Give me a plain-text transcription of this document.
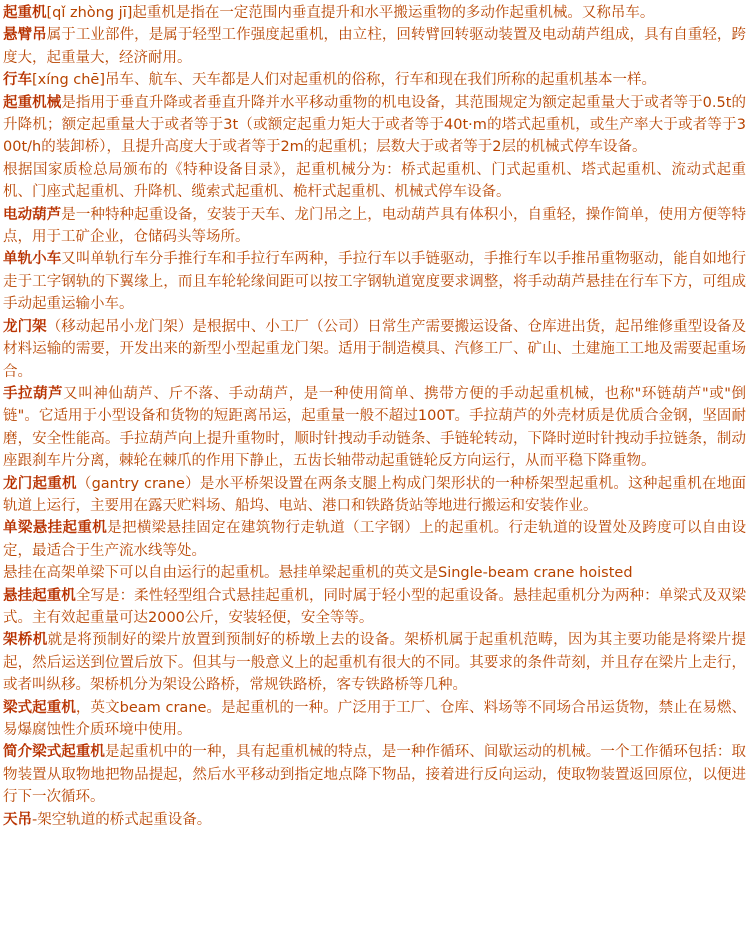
起重机[qǐ zhòng jī]起重机是指在一定范围内垂直提升和水平搬运重物的多动作起重机械。又称吊车。

悬臂吊属于工业部件，是属于轻型工作强度起重机，由立柱，回转臂回转驱动装置及电动葫芦组成，具有自重轻，跨度大，起重量大，经济耐用。

行车[xíng chē]吊车、航车、天车都是人们对起重机的俗称，行车和现在我们所称的起重机基本一样。

起重机械是指用于垂直升降或者垂直升降并水平移动重物的机电设备，其范围规定为额定起重量大于或者等于0.5t的升降机；额定起重量大于或者等于3t（或额定起重力矩大于或者等于40t·m的塔式起重机，或生产率大于或者等于300t/h的装卸桥），且提升高度大于或者等于2m的起重机；层数大于或者等于2层的机械式停车设备。

根据国家质检总局颁布的《特种设备目录》，起重机械分为：桥式起重机、门式起重机、塔式起重机、流动式起重机、门座式起重机、升降机、缆索式起重机、桅杆式起重机、机械式停车设备。

电动葫芦是一种特种起重设备，安装于天车、龙门吊之上，电动葫芦具有体积小，自重轻，操作简单，使用方便等特点，用于工矿企业，仓储码头等场所。

单轨小车又叫单轨行车分手推行车和手拉行车两种，手拉行车以手链驱动，手推行车以手推吊重物驱动，能自如地行走于工字钢轨的下翼缘上，而且车轮轮缘间距可以按工字钢轨道宽度要求调整，将手动葫芦悬挂在行车下方，可组成手动起重运输小车。

龙门架（移动起吊小龙门架）是根据中、小工厂（公司）日常生产需要搬运设备、仓库进出货，起吊维修重型设备及材料运输的需要，开发出来的新型小型起重龙门架。适用于制造模具、汽修工厂、矿山、土建施工工地及需要起重场合。

手拉葫芦又叫神仙葫芦、斤不落、手动葫芦，是一种使用简单、携带方便的手动起重机械，也称"环链葫芦"或"倒链"。它适用于小型设备和货物的短距离吊运，起重量一般不超过100T。手拉葫芦的外壳材质是优质合金钢，坚固耐磨，安全性能高。手拉葫芦向上提升重物时，顺时针拽动手动链条、手链轮转动，下降时逆时针拽动手拉链条，制动座跟刹车片分离，棘轮在棘爪的作用下静止，五齿长轴带动起重链轮反方向运行，从而平稳下降重物。

龙门起重机（gantry crane）是水平桥架设置在两条支腿上构成门架形状的一种桥架型起重机。这种起重机在地面轨道上运行，主要用在露天贮料场、船坞、电站、港口和铁路货站等地进行搬运和安装作业。

单梁悬挂起重机是把横梁悬挂固定在建筑物行走轨道（工字钢）上的起重机。行走轨道的设置处及跨度可以自由设定，最适合于生产流水线等处。

悬挂在高架单梁下可以自由运行的起重机。悬挂单梁起重机的英文是Single-beam crane hoisted

悬挂起重机全写是：柔性轻型组合式悬挂起重机，同时属于轻小型的起重设备。悬挂起重机分为两种：单梁式及双梁式。主有效起重量可达2000公斤，安装轻便，安全等等。

架桥机就是将预制好的梁片放置到预制好的桥墩上去的设备。架桥机属于起重机范畴，因为其主要功能是将梁片提起，然后运送到位置后放下。但其与一般意义上的起重机有很大的不同。其要求的条件苛刻，并且存在梁片上走行，或者叫纵移。架桥机分为架设公路桥，常规铁路桥，客专铁路桥等几种。

梁式起重机，英文beam crane。是起重机的一种。广泛用于工厂、仓库、料场等不同场合吊运货物，禁止在易燃、易爆腐蚀性介质环境中使用。

简介梁式起重机是起重机中的一种，具有起重机械的特点，是一种作循环、间歇运动的机械。一个工作循环包括：取物装置从取物地把物品提起，然后水平移动到指定地点降下物品，接着进行反向运动，使取物装置返回原位，以便进行下一次循环。

天吊-架空轨道的桥式起重设备。
